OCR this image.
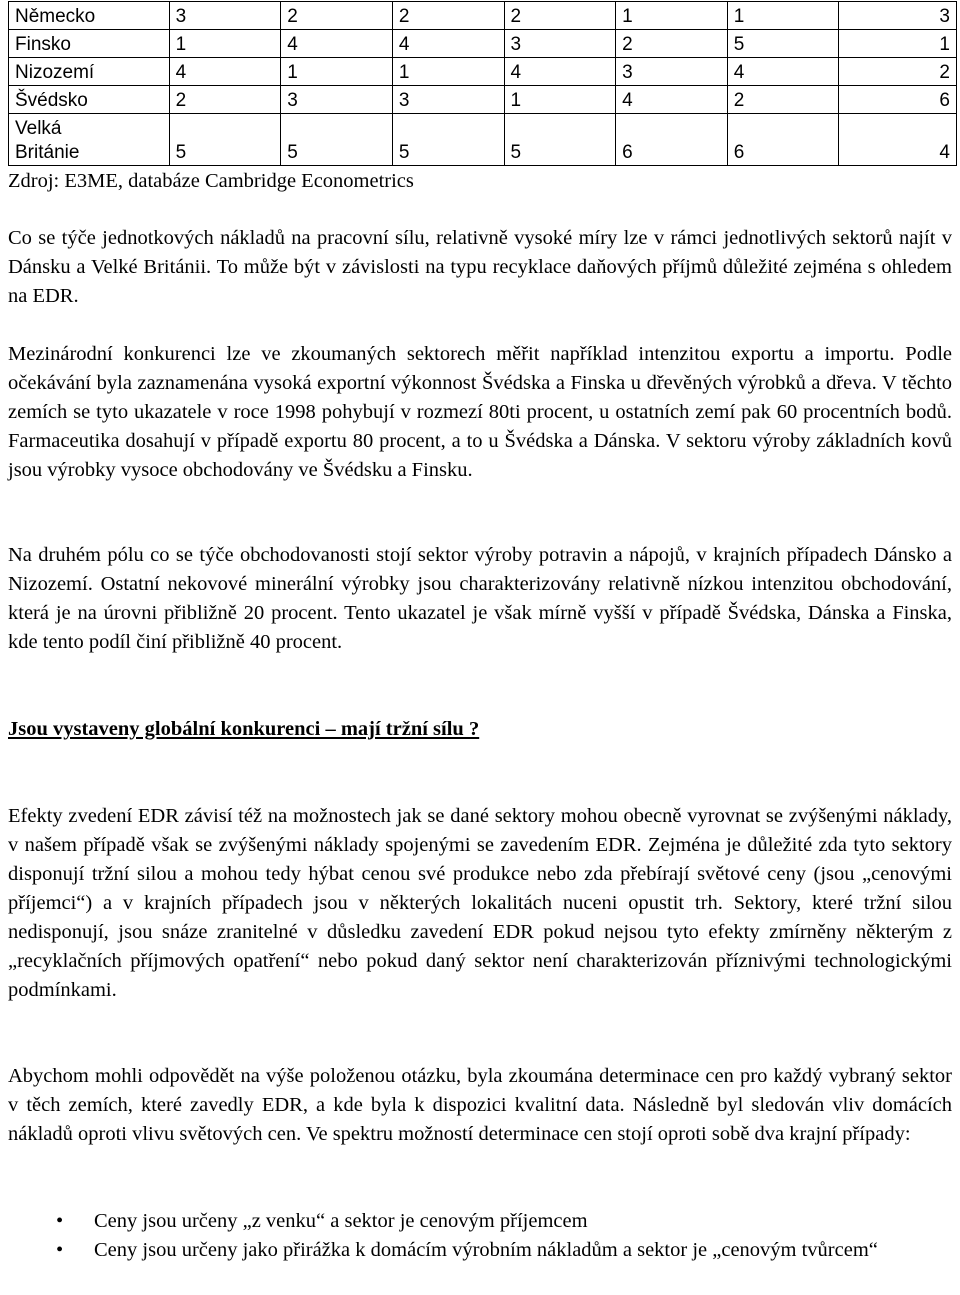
Německo	3	2	2	2	1	1	3
Finsko	1	4	4	3	2	5	1
Nizozemí	4	1	1	4	3	4	2
Švédsko	2	3	3	1	4	2	6
Velká
Británie	5	5	5	5	6	6	4

Zdroj: E3ME, databáze Cambridge Econometrics

Co se týče jednotkových nákladů na pracovní sílu, relativně vysoké míry lze v rámci jednotlivých sektorů najít v Dánsku a Velké Británii. To může být v závislosti na typu recyklace daňových příjmů důležité zejména s ohledem na EDR.

Mezinárodní konkurenci lze ve zkoumaných sektorech měřit například intenzitou exportu a importu. Podle očekávání byla zaznamenána vysoká exportní výkonnost Švédska a Finska u dřevěných výrobků a dřeva. V těchto zemích se tyto ukazatele v roce 1998 pohybují v rozmezí 80ti procent, u ostatních zemí pak 60 procentních bodů. Farmaceutika dosahují v případě exportu 80 procent, a to u Švédska a Dánska. V sektoru výroby základních kovů jsou výrobky vysoce obchodovány ve Švédsku a Finsku.

Na druhém pólu co se týče obchodovanosti stojí sektor výroby potravin a nápojů, v krajních případech Dánsko a Nizozemí. Ostatní nekovové minerální výrobky jsou charakterizovány relativně nízkou intenzitou obchodování, která je na úrovni přibližně 20 procent. Tento ukazatel je však mírně vyšší v případě Švédska, Dánska a Finska, kde tento podíl činí přibližně 40 procent.

Jsou vystaveny globální konkurenci – mají tržní sílu ?

Efekty zvedení EDR závisí též na možnostech jak se dané sektory mohou obecně vyrovnat se zvýšenými náklady, v našem případě však se zvýšenými náklady spojenými se zavedením EDR. Zejména je důležité zda tyto sektory disponují tržní silou a mohou tedy hýbat cenou své produkce nebo zda přebírají světové ceny (jsou „cenovými příjemci“) a v krajních případech jsou v některých lokalitách nuceni opustit trh. Sektory, které tržní silou nedisponují, jsou snáze zranitelné v důsledku zavedení EDR pokud nejsou tyto efekty zmírněny některým z „recyklačních příjmových opatření“ nebo pokud daný sektor není charakterizován příznivými technologickými podmínkami.

Abychom mohli odpovědět na výše položenou otázku, byla zkoumána determinace cen pro každý vybraný sektor v těch zemích, které zavedly EDR, a kde byla k dispozici kvalitní data. Následně byl sledován vliv domácích nákladů oproti vlivu světových cen. Ve spektru možností determinace cen stojí oproti sobě dva krajní případy:

• Ceny jsou určeny „z venku“ a sektor je cenovým příjemcem
• Ceny jsou určeny jako přirážka k domácím výrobním nákladům a sektor je „cenovým tvůrcem“
